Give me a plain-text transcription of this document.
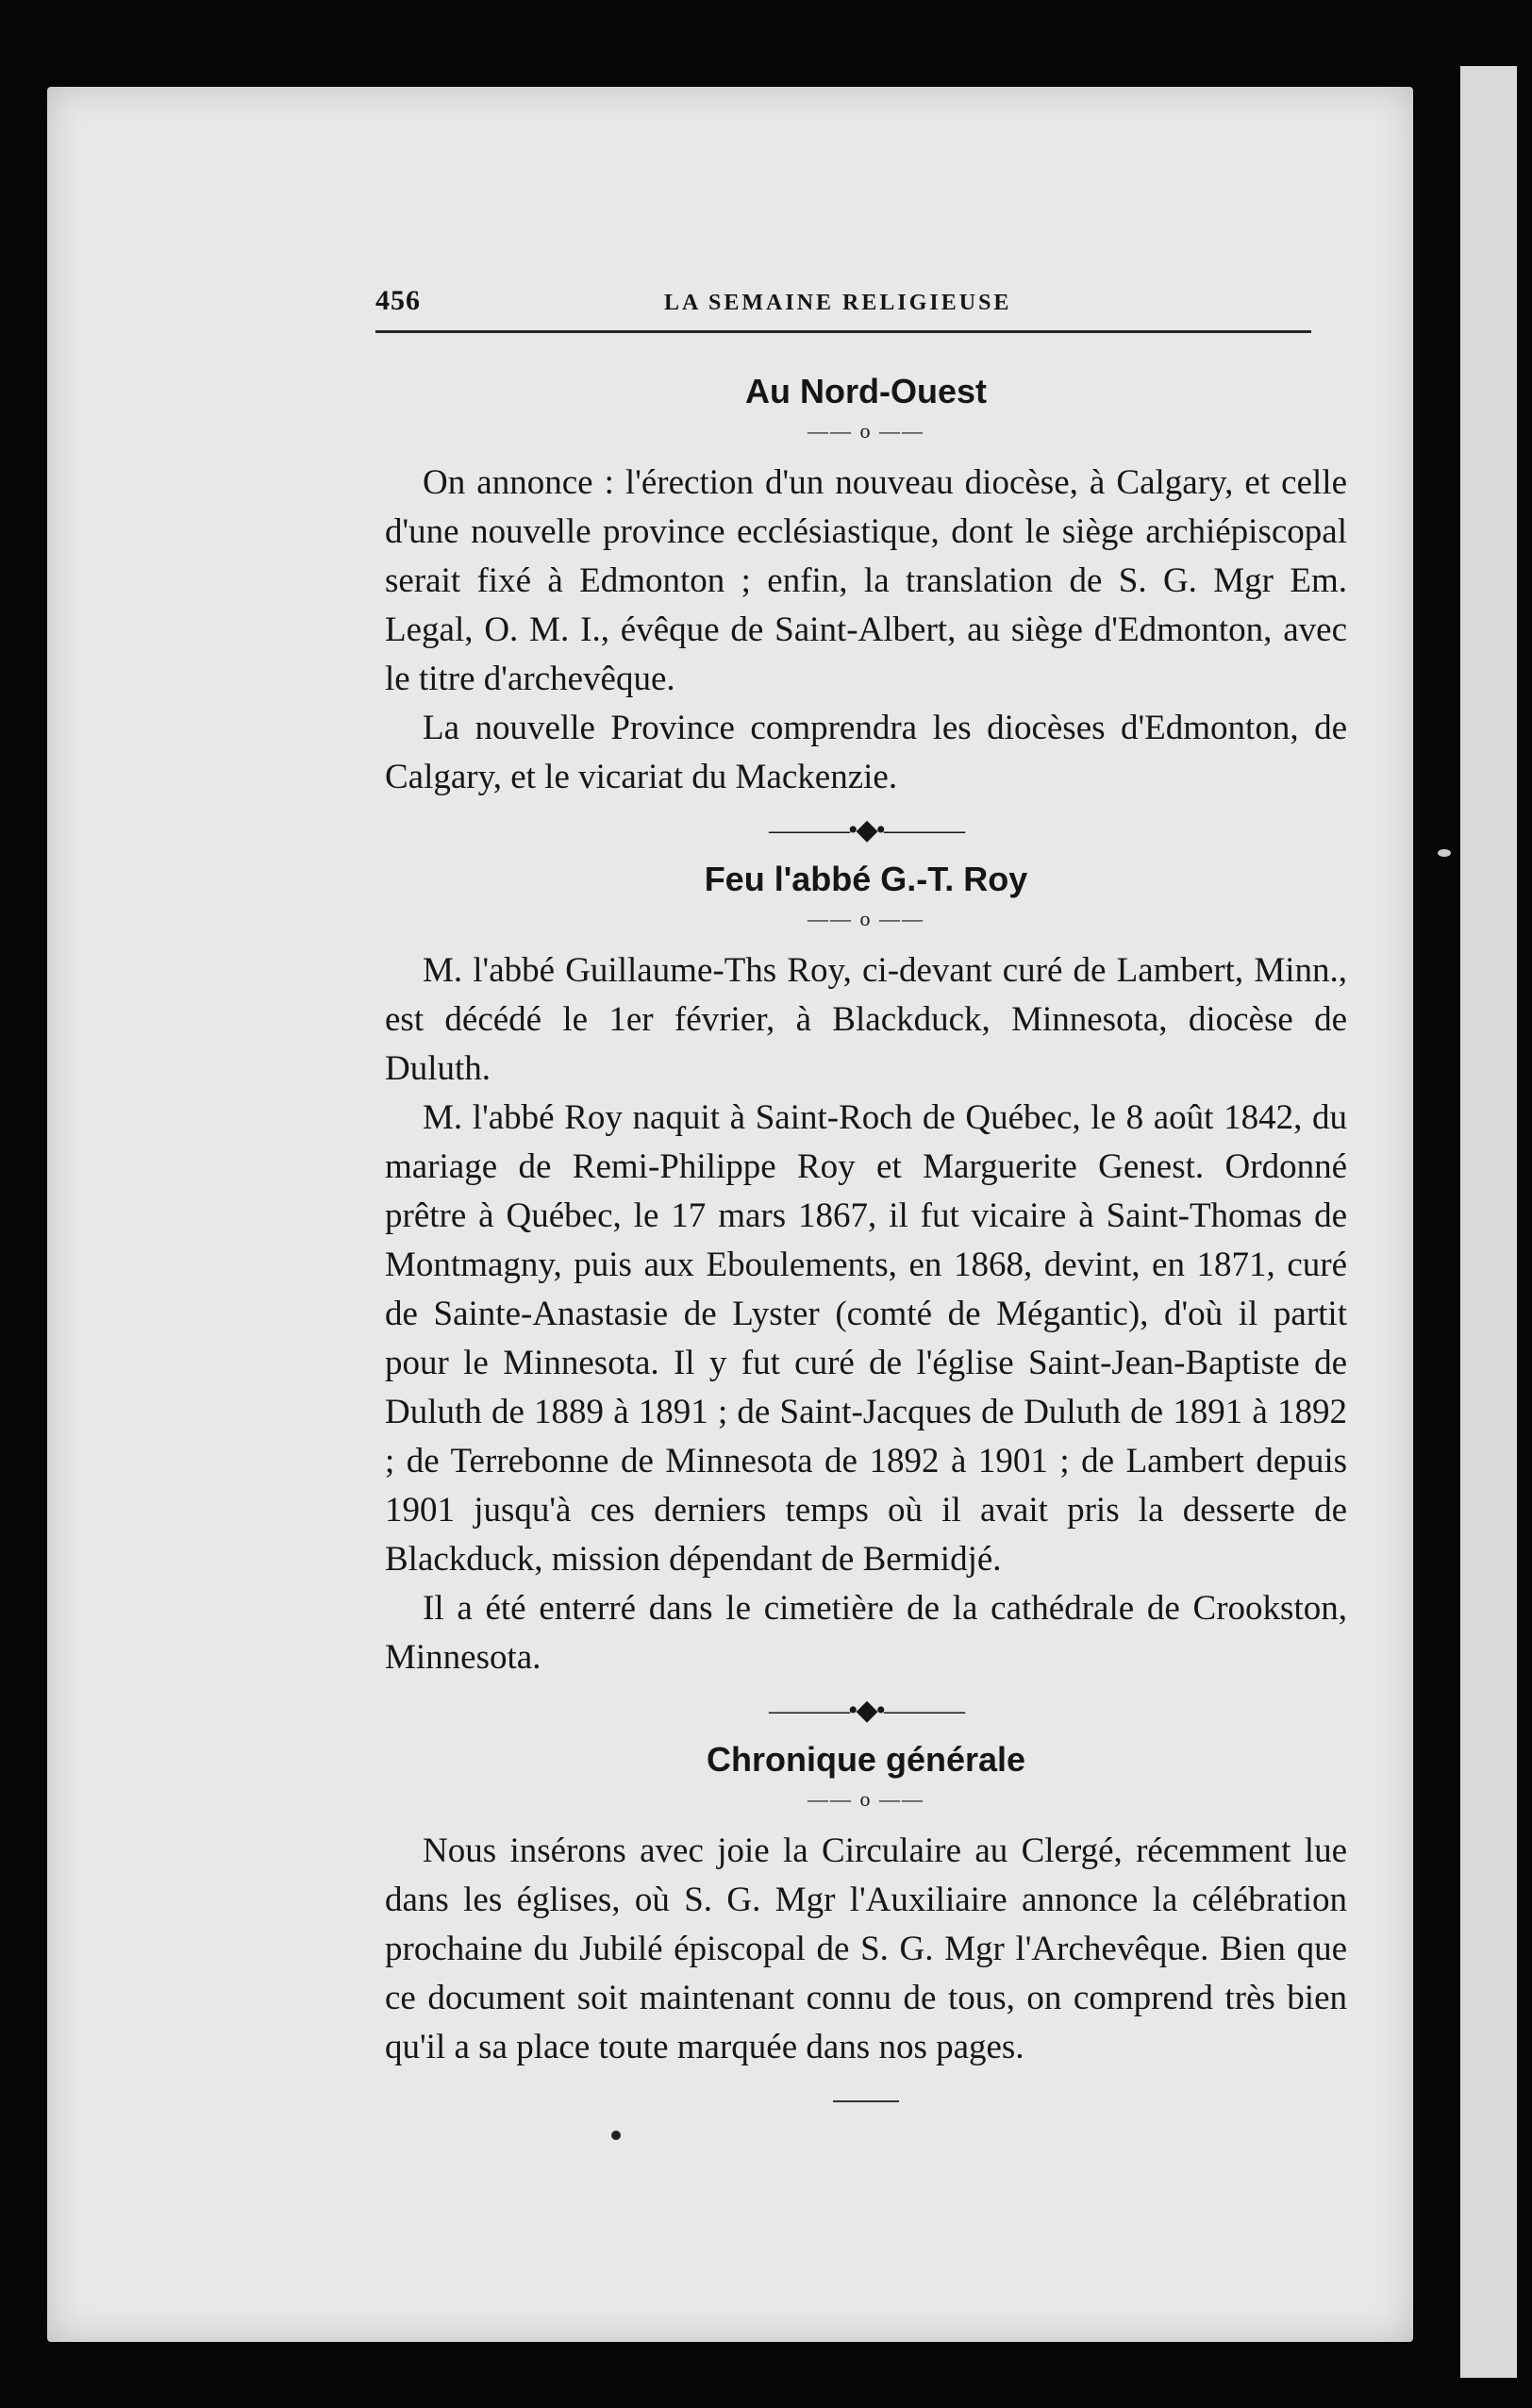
456	LA SEMAINE RELIGIEUSE
Au Nord-Ouest
—— o ——

On annonce : l'érection d'un nouveau diocèse, à Calgary, et celle d'une nouvelle province ecclésiastique, dont le siège archiépiscopal serait fixé à Edmonton ; enfin, la translation de S. G. Mgr Em. Legal, O. M. I., évêque de Saint-Albert, au siège d'Edmonton, avec le titre d'archevêque.

La nouvelle Province comprendra les diocèses d'Edmonton, de Calgary, et le vicariat du Mackenzie.

———•◆•———
Feu l'abbé G.-T. Roy
—— o ——

M. l'abbé Guillaume-Ths Roy, ci-devant curé de Lambert, Minn., est décédé le 1er février, à Blackduck, Minnesota, diocèse de Duluth.

M. l'abbé Roy naquit à Saint-Roch de Québec, le 8 août 1842, du mariage de Remi-Philippe Roy et Marguerite Genest. Ordonné prêtre à Québec, le 17 mars 1867, il fut vicaire à Saint-Thomas de Montmagny, puis aux Eboulements, en 1868, devint, en 1871, curé de Sainte-Anastasie de Lyster (comté de Mégantic), d'où il partit pour le Minnesota. Il y fut curé de l'église Saint-Jean-Baptiste de Duluth de 1889 à 1891 ; de Saint-Jacques de Duluth de 1891 à 1892 ; de Terrebonne de Minnesota de 1892 à 1901 ; de Lambert depuis 1901 jusqu'à ces derniers temps où il avait pris la desserte de Blackduck, mission dépendant de Bermidjé.

Il a été enterré dans le cimetière de la cathédrale de Crookston, Minnesota.

———•◆•———
Chronique générale
—— o ——

Nous insérons avec joie la Circulaire au Clergé, récemment lue dans les églises, où S. G. Mgr l'Auxiliaire annonce la célébration prochaine du Jubilé épiscopal de S. G. Mgr l'Archevêque. Bien que ce document soit maintenant connu de tous, on comprend très bien qu'il a sa place toute marquée dans nos pages.
